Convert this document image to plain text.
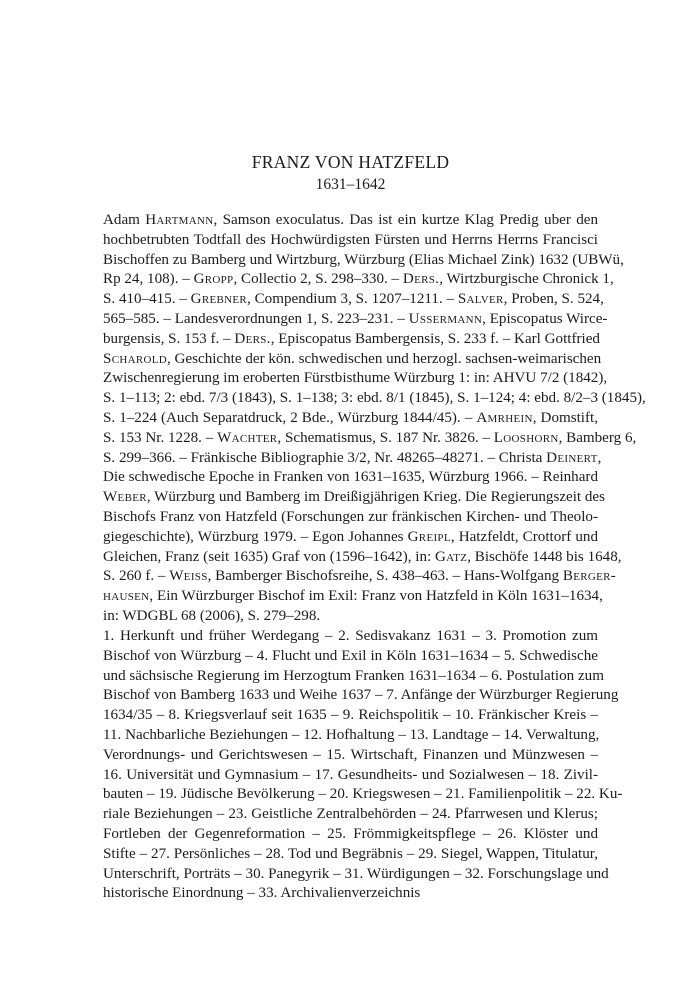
FRANZ VON HATZFELD
1631–1642
Adam Hartmann, Samson exoculatus. Das ist ein kurtze Klag Predig uber den
hochbetrubten Todtfall des Hochwürdigsten Fürsten und Herrns Herrns Francisci
Bischoffen zu Bamberg und Wirtzburg, Würzburg (Elias Michael Zink) 1632 (UBWü,
Rp 24, 108). – Gropp, Collectio 2, S. 298–330. – Ders., Wirtzburgische Chronick 1,
S. 410–415. – Grebner, Compendium 3, S. 1207–1211. – Salver, Proben, S. 524,
565–585. – Landesverordnungen 1, S. 223–231. – Ussermann, Episcopatus Wirce-
burgensis, S. 153 f. – Ders., Episcopatus Bambergensis, S. 233 f. – Karl Gottfried
Scharold, Geschichte der kön. schwedischen und herzogl. sachsen-weimarischen
Zwischenregierung im eroberten Fürstbisthume Würzburg 1: in: AHVU 7/2 (1842),
S. 1–113; 2: ebd. 7/3 (1843), S. 1–138; 3: ebd. 8/1 (1845), S. 1–124; 4: ebd. 8/2–3 (1845),
S. 1–224 (Auch Separatdruck, 2 Bde., Würzburg 1844/45). – Amrhein, Domstift,
S. 153 Nr. 1228. – Wachter, Schematismus, S. 187 Nr. 3826. – Looshorn, Bamberg 6,
S. 299–366. – Fränkische Bibliographie 3/2, Nr. 48265–48271. – Christa Deinert,
Die schwedische Epoche in Franken von 1631–1635, Würzburg 1966. – Reinhard
Weber, Würzburg und Bamberg im Dreißigjährigen Krieg. Die Regierungszeit des
Bischofs Franz von Hatzfeld (Forschungen zur fränkischen Kirchen- und Theolo-
giegeschichte), Würzburg 1979. – Egon Johannes Greipl, Hatzfeldt, Crottorf und
Gleichen, Franz (seit 1635) Graf von (1596–1642), in: Gatz, Bischöfe 1448 bis 1648,
S. 260 f. – Weiss, Bamberger Bischofsreihe, S. 438–463. – Hans-Wolfgang Berger-
hausen, Ein Würzburger Bischof im Exil: Franz von Hatzfeld in Köln 1631–1634,
in: WDGBL 68 (2006), S. 279–298.
1. Herkunft und früher Werdegang – 2. Sedisvakanz 1631 – 3. Promotion zum
Bischof von Würzburg – 4. Flucht und Exil in Köln 1631–1634 – 5. Schwedische
und sächsische Regierung im Herzogtum Franken 1631–1634 – 6. Postulation zum
Bischof von Bamberg 1633 und Weihe 1637 – 7. Anfänge der Würzburger Regierung
1634/35 – 8. Kriegsverlauf seit 1635 – 9. Reichspolitik – 10. Fränkischer Kreis –
11. Nachbarliche Beziehungen – 12. Hofhaltung – 13. Landtage – 14. Verwaltung,
Verordnungs- und Gerichtswesen – 15. Wirtschaft, Finanzen und Münzwesen –
16. Universität und Gymnasium – 17. Gesundheits- und Sozialwesen – 18. Zivil-
bauten – 19. Jüdische Bevölkerung – 20. Kriegswesen – 21. Familienpolitik – 22. Ku-
riale Beziehungen – 23. Geistliche Zentralbehörden – 24. Pfarrwesen und Klerus;
Fortleben der Gegenreformation – 25. Frömmigkeitspflege – 26. Klöster und
Stifte – 27. Persönliches – 28. Tod und Begräbnis – 29. Siegel, Wappen, Titulatur,
Unterschrift, Porträts – 30. Panegyrik – 31. Würdigungen – 32. Forschungslage und
historische Einordnung – 33. Archivalienverzeichnis
